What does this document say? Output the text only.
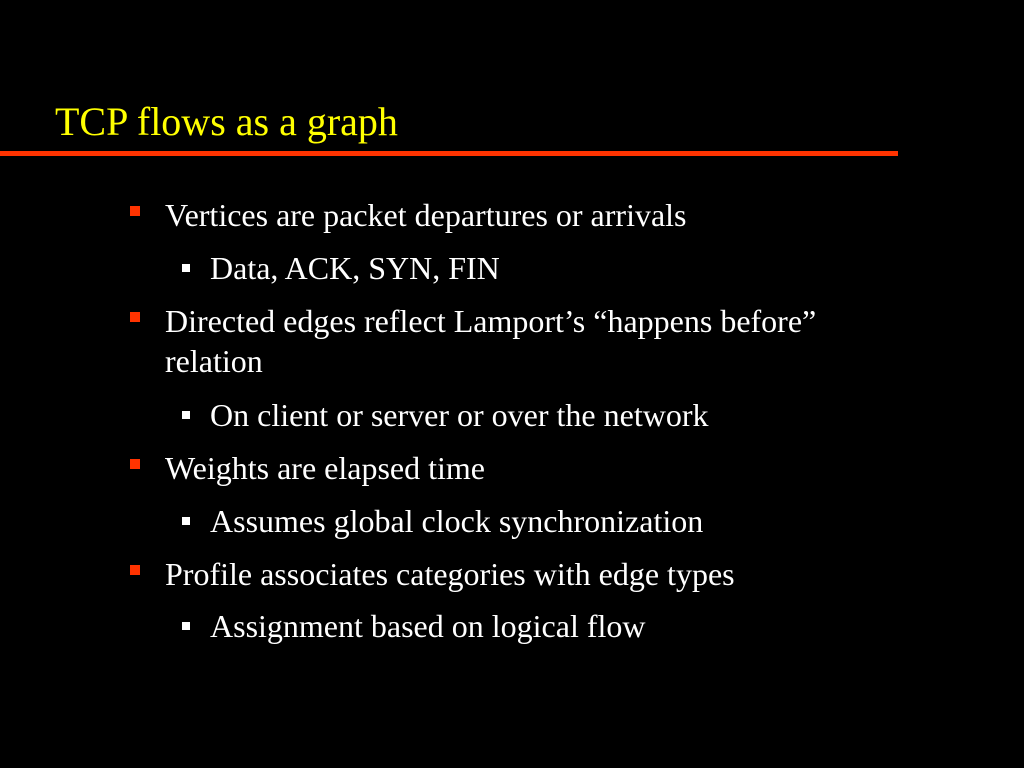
TCP flows as a graph
Vertices are packet departures or arrivals
Data, ACK, SYN, FIN
Directed edges reflect Lamport’s “happens before” relation
On client or server or over the network
Weights are elapsed time
Assumes global clock synchronization
Profile associates categories with edge types
Assignment based on logical flow
